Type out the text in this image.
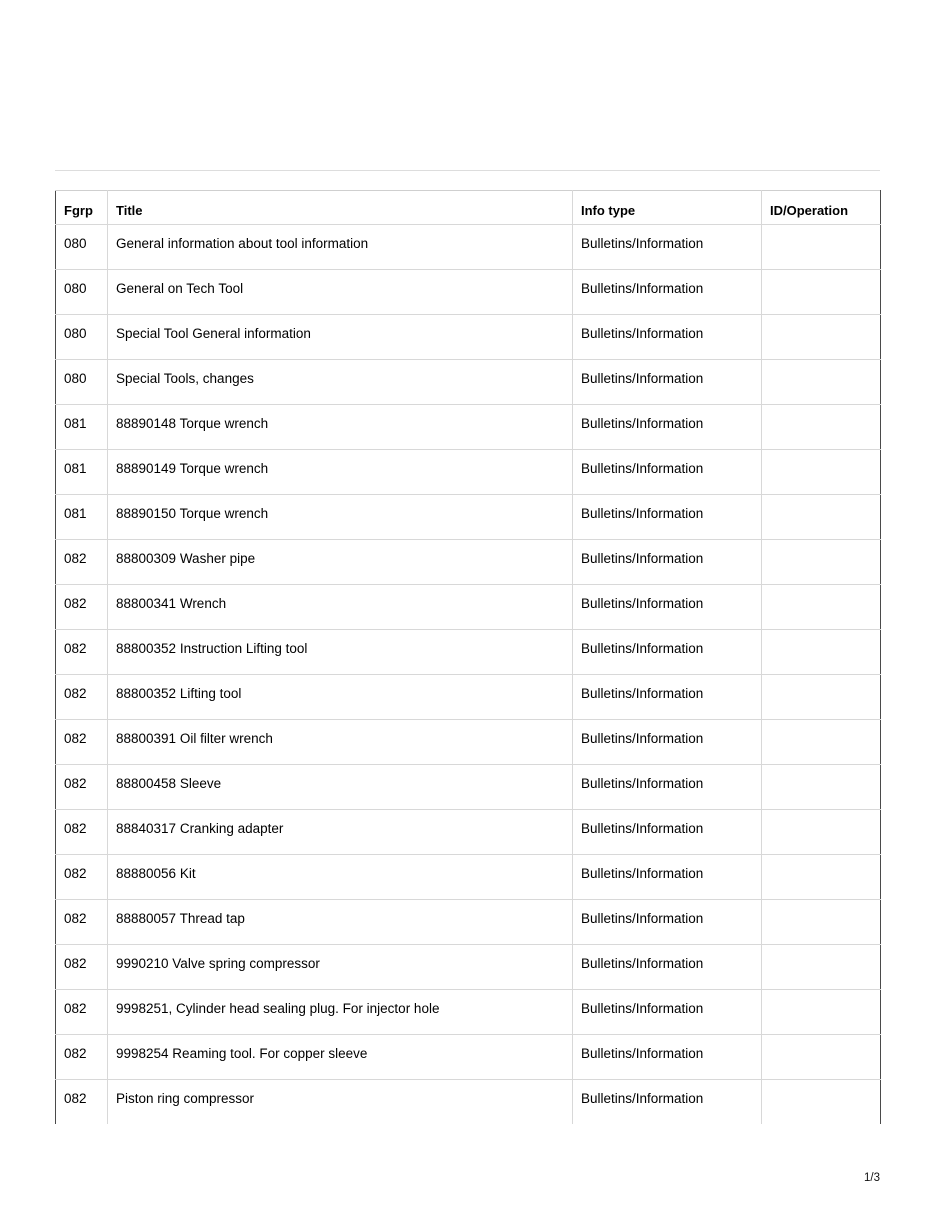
Fgrp	Title	Info type	ID/Operation
080	General information about tool information	Bulletins/Information	
080	General on Tech Tool	Bulletins/Information	
080	Special Tool General information	Bulletins/Information	
080	Special Tools, changes	Bulletins/Information	
081	88890148 Torque wrench	Bulletins/Information	
081	88890149 Torque wrench	Bulletins/Information	
081	88890150 Torque wrench	Bulletins/Information	
082	88800309 Washer pipe	Bulletins/Information	
082	88800341 Wrench	Bulletins/Information	
082	88800352 Instruction Lifting tool	Bulletins/Information	
082	88800352 Lifting tool	Bulletins/Information	
082	88800391 Oil filter wrench	Bulletins/Information	
082	88800458 Sleeve	Bulletins/Information	
082	88840317 Cranking adapter	Bulletins/Information	
082	88880056 Kit	Bulletins/Information	
082	88880057 Thread tap	Bulletins/Information	
082	9990210 Valve spring compressor	Bulletins/Information	
082	9998251, Cylinder head sealing plug. For injector hole	Bulletins/Information	
082	9998254 Reaming tool. For copper sleeve	Bulletins/Information	
082	Piston ring compressor	Bulletins/Information	
1/3
